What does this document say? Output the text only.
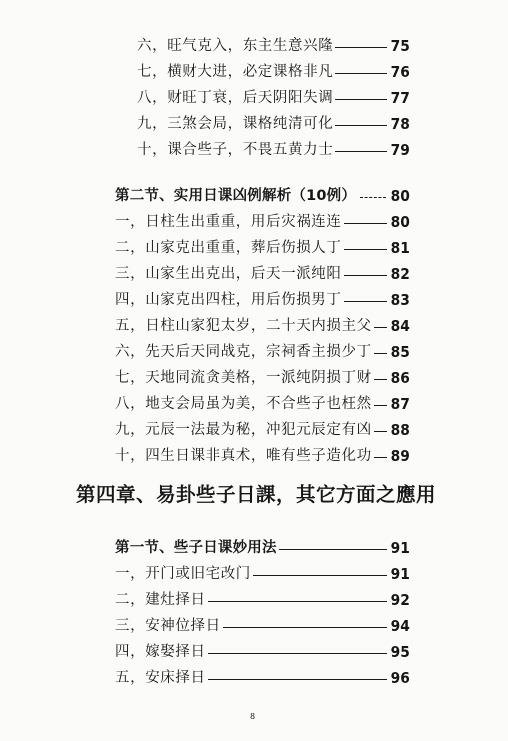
六，旺气克入，东主生意兴隆	75
七，横财大进，必定课格非凡	76
八，财旺丁衰，后天阴阳失调	77
九，三煞会局，课格纯清可化	78
十，课合些子，不畏五黄力士	79
第二节、实用日课凶例解析 （10例） 80
一，日柱生出重重，用后灾祸连连	80
二，山家克出重重，葬后伤损人丁	81
三，山家生出克出，后天一派纯阳	82
四，山家克出四柱，用后伤损男丁	83
五，日柱山家犯太岁，二十天内损主父 84
六，先天后天同战克，宗祠香主损少丁 85
七，天地同流贪美格，一派纯阴损丁财 86
八，地支会局虽为美，不合些子也枉然 87
九，元辰一法最为秘，冲犯元辰定有凶 88
十，四生日课非真术，唯有些子造化功 89
第四章、易卦些子日課，其它方面之應用
第一节、些子日课妙用法	91
一，开门或旧宅改门	91
二，建灶择日	92
三，安神位择日	94
四，嫁娶择日	95
五，安床择日	96
8
